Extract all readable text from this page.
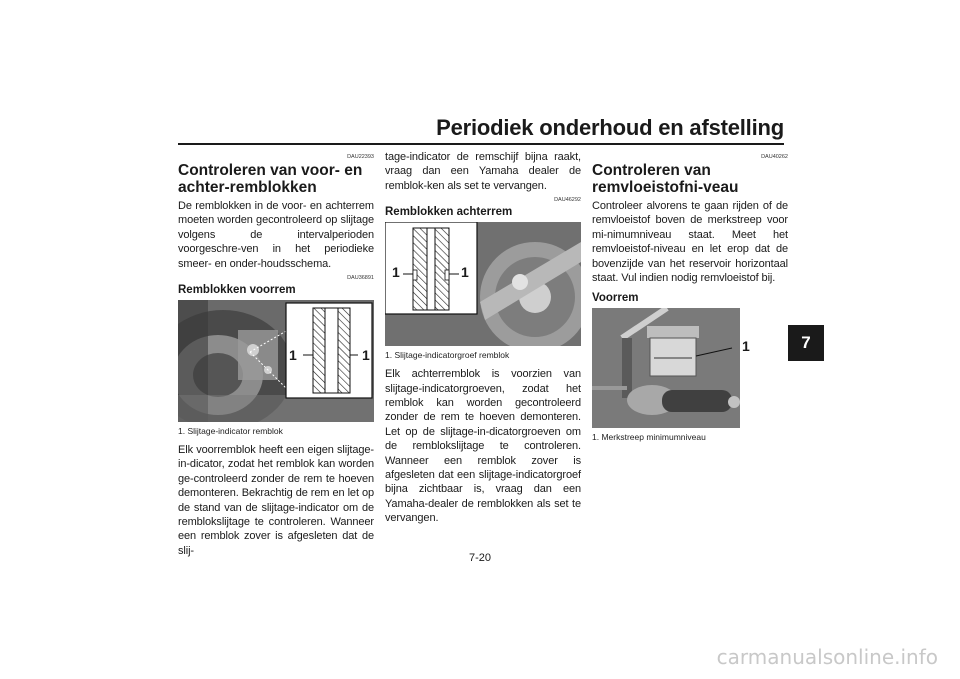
Periodiek onderhoud en afstelling
7
DAU22393
Controleren van voor- en achter-remblokken

De remblokken in de voor- en achterrem moeten worden gecontroleerd op slijtage volgens de intervalperioden voorgeschre-ven in het periodieke smeer- en onder-houdsschema.

DAU36891
Remblokken voorrem
1	1
1. Slijtage-indicator remblok

Elk voorremblok heeft een eigen slijtage-in-dicator, zodat het remblok kan worden ge-controleerd zonder de rem te hoeven demonteren. Bekrachtig de rem en let op de stand van de slijtage-indicator om de remblokslijtage te controleren. Wanneer een remblok zover is afgesleten dat de slij-

tage-indicator de remschijf bijna raakt, vraag dan een Yamaha dealer de remblok-ken als set te vervangen.

DAU46292
Remblokken achterrem
1	1
1. Slijtage-indicatorgroef remblok

Elk achterremblok is voorzien van slijtage-indicatorgroeven, zodat het remblok kan worden gecontroleerd zonder de rem te hoeven demonteren. Let op de slijtage-in-dicatorgroeven om de remblokslijtage te controleren. Wanneer een remblok zover is afgesleten dat een slijtage-indicatorgroef bijna zichtbaar is, vraag dan een Yamaha-dealer de remblokken als set te vervangen.

DAU40262
Controleren van remvloeistofni-veau

Controleer alvorens te gaan rijden of de remvloeistof boven de merkstreep voor mi-nimumniveau staat. Meet het remvloeistof-niveau en let erop dat de bovenzijde van het reservoir horizontaal staat. Vul indien nodig remvloeistof bij.

Voorrem
1
1. Merkstreep minimumniveau
7-20
carmanualsonline.info
